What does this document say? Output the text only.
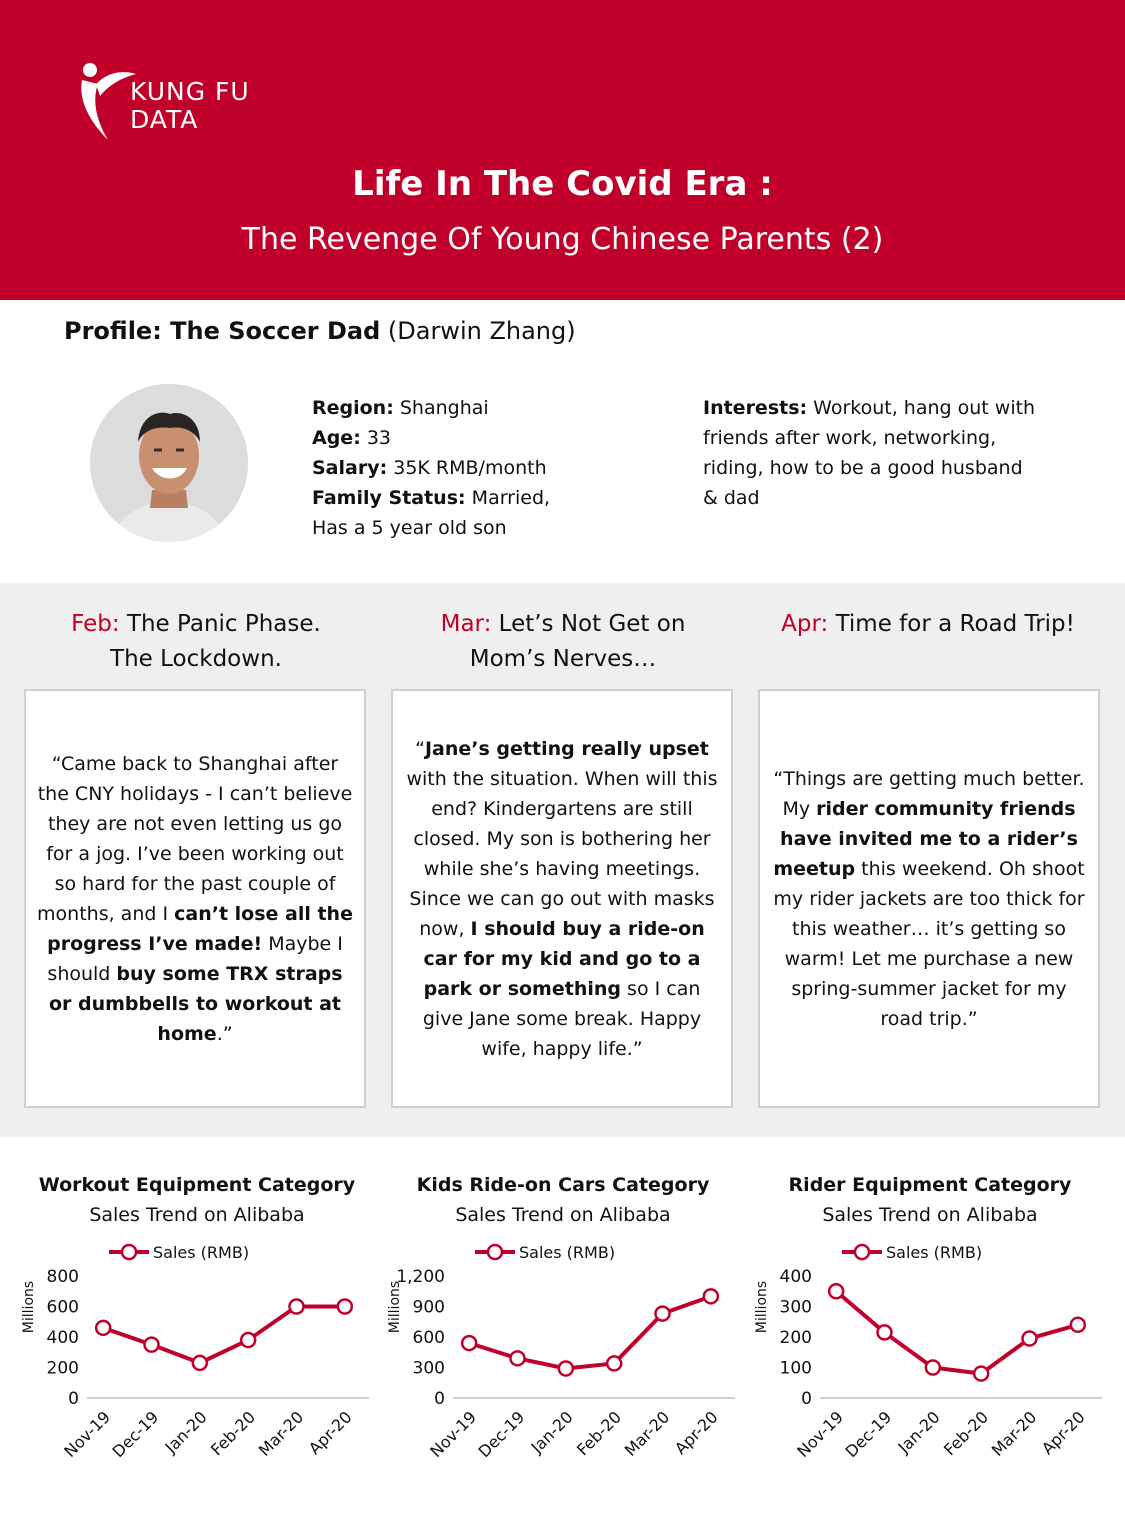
KUNG FU
DATA
Life In The Covid Era :
The Revenge Of Young Chinese Parents (2)
Profile: The Soccer Dad (Darwin Zhang)
Region: Shanghai
Age: 33
Salary: 35K RMB/month
Family Status: Married,
Has a 5 year old son
Interests: Workout, hang out with
friends after work, networking,
riding, how to be a good husband
& dad
Feb: The Panic Phase.
The Lockdown.
Mar: Let’s Not Get on
Mom’s Nerves…
Apr: Time for a Road Trip!
“Came back to Shanghai after the CNY holidays - I can’t believe they are not even letting us go for a jog. I’ve been working out so hard for the past couple of months, and I can’t lose all the progress I’ve made! Maybe I should buy some TRX straps or dumbbells to workout at home.”
“Jane’s getting really upset with the situation. When will this end? Kindergartens are still closed. My son is bothering her while she’s having meetings. Since we can go out with masks now, I should buy a ride-on car for my kid and go to a park or something so I can give Jane some break. Happy wife, happy life.”
“Things are getting much better. My rider community friends have invited me to a rider’s meetup this weekend. Oh shoot my rider jackets are too thick for this weather… it’s getting so warm! Let me purchase a new spring-summer jacket for my road trip.”
Workout Equipment Category
Sales Trend on Alibaba
Kids Ride-on Cars Category
Sales Trend on Alibaba
Rider Equipment Category
Sales Trend on Alibaba
Sales (RMB)
Millions
0
200
400
600
800
Nov-19
Dec-19
Jan-20
Feb-20
Mar-20
Apr-20
Sales (RMB)
Millions
0
300
600
900
1,200
Nov-19
Dec-19
Jan-20
Feb-20
Mar-20
Apr-20
Sales (RMB)
Millions
0
100
200
300
400
Nov-19
Dec-19
Jan-20
Feb-20
Mar-20
Apr-20
